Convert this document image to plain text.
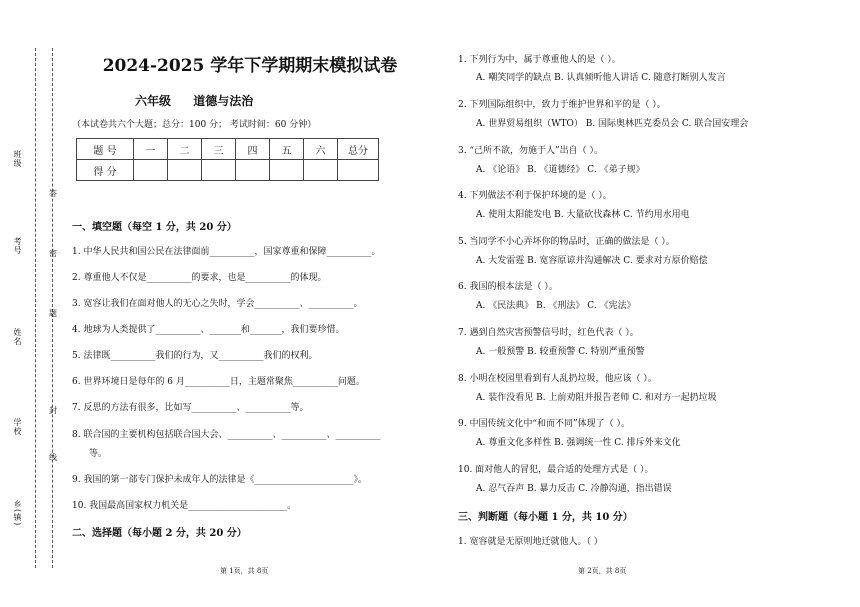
班级
考号
姓名
学校
乡(镇)
答
密
题
封
线
2024-2025 学年下学期期末模拟试卷
六年级 道德与法治
（本试卷共六个大题；总分：100 分； 考试时间：60 分钟）
题 号	一	二	三	四	五	六	总分
得 分							
一、填空题（每空 1 分，共 20 分）
1. 中华人民共和国公民在法律面前__________，国家尊重和保障__________。
2. 尊重他人不仅是__________的要求，也是__________的体现。
3. 宽容让我们在面对他人的无心之失时，学会__________、__________。
4. 地球为人类提供了__________、_______和_______，我们要珍惜。
5. 法律既__________我们的行为，又__________我们的权利。
6. 世界环境日是每年的 6 月__________日，主题常聚焦__________问题。
7. 反思的方法有很多，比如写__________、__________等。
8. 联合国的主要机构包括联合国大会、__________、__________、__________
等。
9. 我国的第一部专门保护未成年人的法律是《______________________》。
10. 我国最高国家权力机关是______________________。
二、选择题（每小题 2 分，共 20 分）
1. 下列行为中，属于尊重他人的是（ ）。
A. 嘲笑同学的缺点 B. 认真倾听他人讲话 C. 随意打断别人发言
2. 下列国际组织中，致力于维护世界和平的是（ ）。
A. 世界贸易组织（WTO） B. 国际奥林匹克委员会 C. 联合国安理会
3. “己所不欲，勿施于人”出自（ ）。
A. 《论语》 B. 《道德经》 C. 《弟子规》
4. 下列做法不利于保护环境的是（ ）。
A. 使用太阳能发电 B. 大量砍伐森林 C. 节约用水用电
5. 当同学不小心弄坏你的物品时，正确的做法是（ ）。
A. 大发雷霆 B. 宽容原谅并沟通解决 C. 要求对方原价赔偿
6. 我国的根本法是（ ）。
A. 《民法典》 B. 《刑法》 C. 《宪法》
7. 遇到自然灾害预警信号时，红色代表（ ）。
A. 一般预警 B. 较重预警 C. 特别严重预警
8. 小明在校园里看到有人乱扔垃圾，他应该（ ）。
A. 装作没看见 B. 上前劝阻并报告老师 C. 和对方一起扔垃圾
9. 中国传统文化中“和而不同”体现了（ ）。
A. 尊重文化多样性 B. 强调统一性 C. 排斥外来文化
10. 面对他人的冒犯，最合适的处理方式是（ ）。
A. 忍气吞声 B. 暴力反击 C. 冷静沟通，指出错误
三、判断题（每小题 1 分，共 10 分）
1. 宽容就是无原则地迁就他人。（ ）
第 1页，共 8页	第 2页，共 8页
